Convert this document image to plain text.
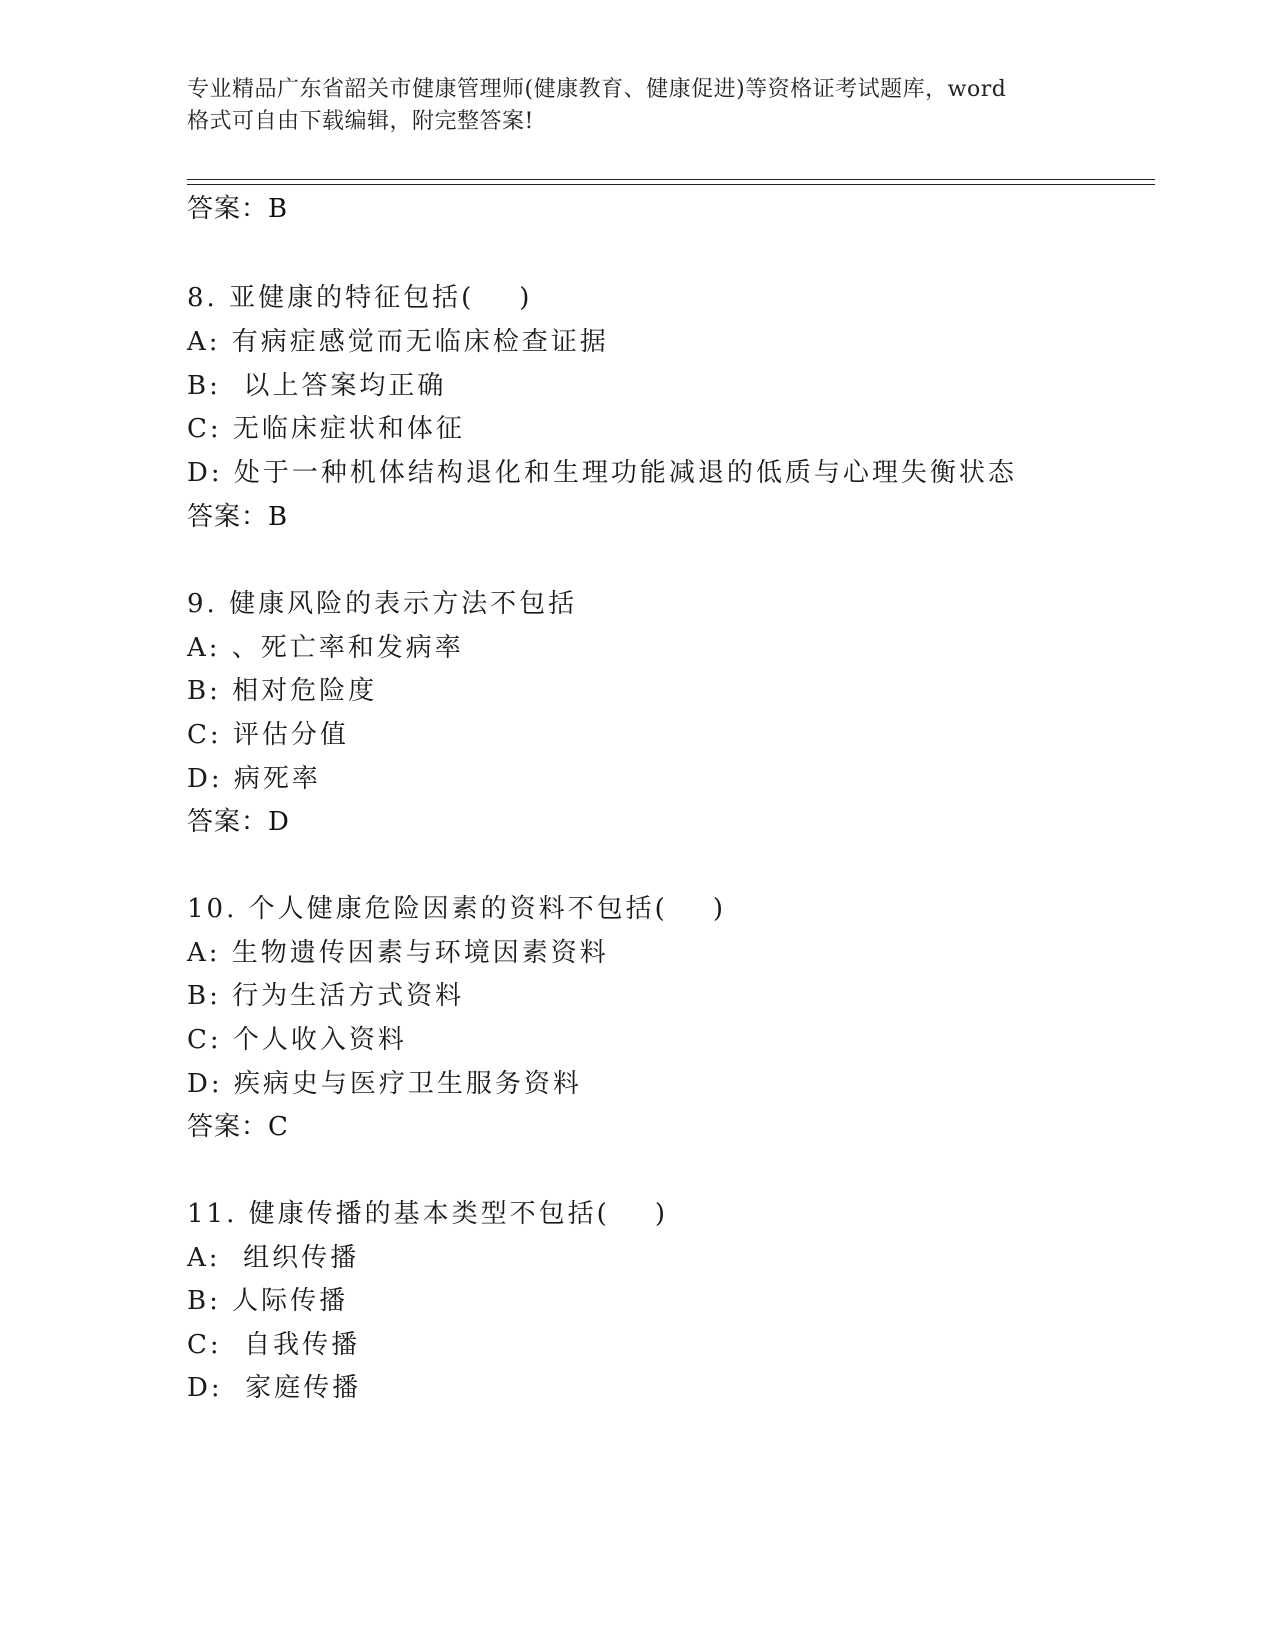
专业精品广东省韶关市健康管理师(健康教育、健康促进)等资格证考试题库，word
格式可自由下载编辑，附完整答案!
答案：B
8. 亚健康的特征包括(    )
A: 有病症感觉而无临床检查证据
B:  以上答案均正确
C: 无临床症状和体征
D: 处于一种机体结构退化和生理功能减退的低质与心理失衡状态
答案：B
9. 健康风险的表示方法不包括
A: 、死亡率和发病率
B: 相对危险度
C: 评估分值
D: 病死率
答案：D
10. 个人健康危险因素的资料不包括(    )
A: 生物遗传因素与环境因素资料
B: 行为生活方式资料
C: 个人收入资料
D: 疾病史与医疗卫生服务资料
答案：C
11. 健康传播的基本类型不包括(    )
A:  组织传播
B: 人际传播
C:  自我传播
D:  家庭传播
